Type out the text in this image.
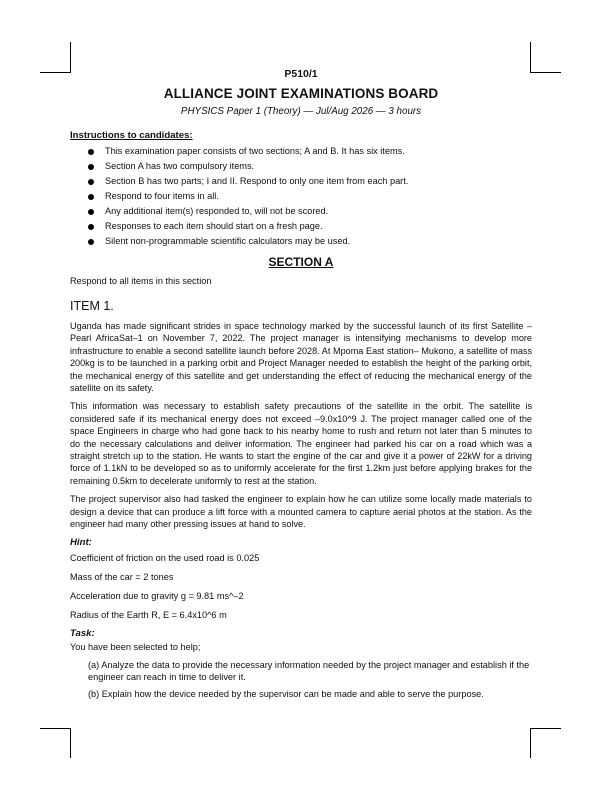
P510/1
ALLIANCE JOINT EXAMINATIONS BOARD
PHYSICS Paper 1 (Theory) — Jul/Aug 2026 — 3 hours
Instructions to candidates:
This examination paper consists of two sections; A and B. It has six items.
Section A has two compulsory items.
Section B has two parts; I and II. Respond to only one item from each part.
Respond to four items in all.
Any additional item(s) responded to, will not be scored.
Responses to each item should start on a fresh page.
Silent non-programmable scientific calculators may be used.
SECTION A
Respond to all items in this section
ITEM 1.

Uganda has made significant strides in space technology marked by the successful launch of its first Satellite –Pearl AfricaSat–1 on November 7, 2022. The project manager is intensifying mechanisms to develop more infrastructure to enable a second satellite launch before 2028. At Mpoma East station– Mukono, a satellite of mass 200kg is to be launched in a parking orbit and Project Manager needed to establish the height of the parking orbit, the mechanical energy of this satellite and get understanding the effect of reducing the mechanical energy of the satellite on its safety.

This information was necessary to establish safety precautions of the satellite in the orbit. The satellite is considered safe if its mechanical energy does not exceed –9.0x10^9 J. The project manager called one of the space Engineers in charge who had gone back to his nearby home to rush and return not later than 5 minutes to do the necessary calculations and deliver information. The engineer had parked his car on a road which was a straight stretch up to the station. He wants to start the engine of the car and give it a power of 22kW for a driving force of 1.1kN to be developed so as to uniformly accelerate for the first 1.2km just before applying brakes for the remaining 0.5km to decelerate uniformly to rest at the station.

The project supervisor also had tasked the engineer to explain how he can utilize some locally made materials to design a device that can produce a lift force with a mounted camera to capture aerial photos at the station. As the engineer had many other pressing issues at hand to solve.

Hint:
Coefficient of friction on the used road is 0.025
Mass of the car = 2 tones
Acceleration due to gravity g = 9.81 ms^–2
Radius of the Earth R, E = 6.4x10^6 m
Task:
You have been selected to help;
(a) Analyze the data to provide the necessary information needed by the project manager and establish if the engineer can reach in time to deliver it.
(b) Explain how the device needed by the supervisor can be made and able to serve the purpose.
